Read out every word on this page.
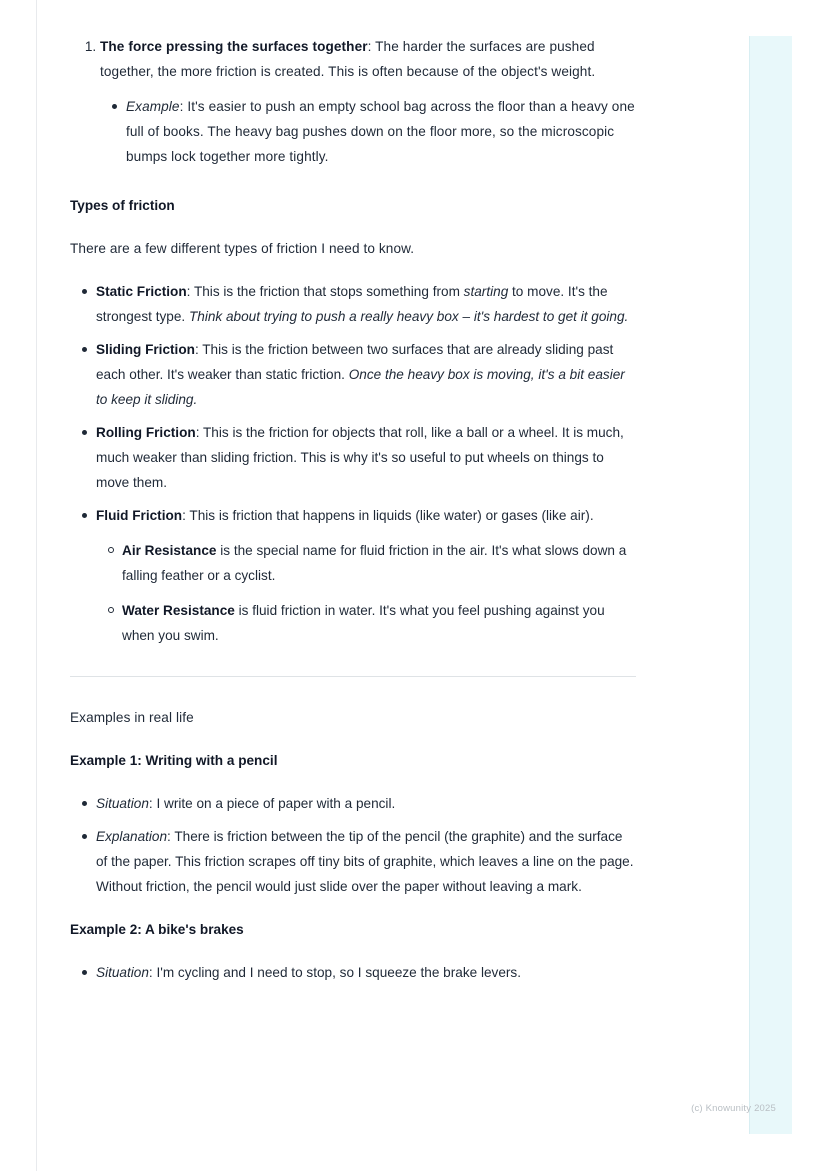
1. The force pressing the surfaces together: The harder the surfaces are pushed together, the more friction is created. This is often because of the object's weight.
Example: It's easier to push an empty school bag across the floor than a heavy one full of books. The heavy bag pushes down on the floor more, so the microscopic bumps lock together more tightly.
Types of friction

There are a few different types of friction I need to know.

Static Friction: This is the friction that stops something from starting to move. It's the strongest type. Think about trying to push a really heavy box – it's hardest to get it going.
Sliding Friction: This is the friction between two surfaces that are already sliding past each other. It's weaker than static friction. Once the heavy box is moving, it's a bit easier to keep it sliding.
Rolling Friction: This is the friction for objects that roll, like a ball or a wheel. It is much, much weaker than sliding friction. This is why it's so useful to put wheels on things to move them.
Fluid Friction: This is friction that happens in liquids (like water) or gases (like air).
Air Resistance is the special name for fluid friction in the air. It's what slows down a falling feather or a cyclist.
Water Resistance is fluid friction in water. It's what you feel pushing against you when you swim.

Examples in real life

Example 1: Writing with a pencil
Situation: I write on a piece of paper with a pencil.
Explanation: There is friction between the tip of the pencil (the graphite) and the surface of the paper. This friction scrapes off tiny bits of graphite, which leaves a line on the page. Without friction, the pencil would just slide over the paper without leaving a mark.
Example 2: A bike's brakes
Situation: I'm cycling and I need to stop, so I squeeze the brake levers.
(c) Knowunity 2025
